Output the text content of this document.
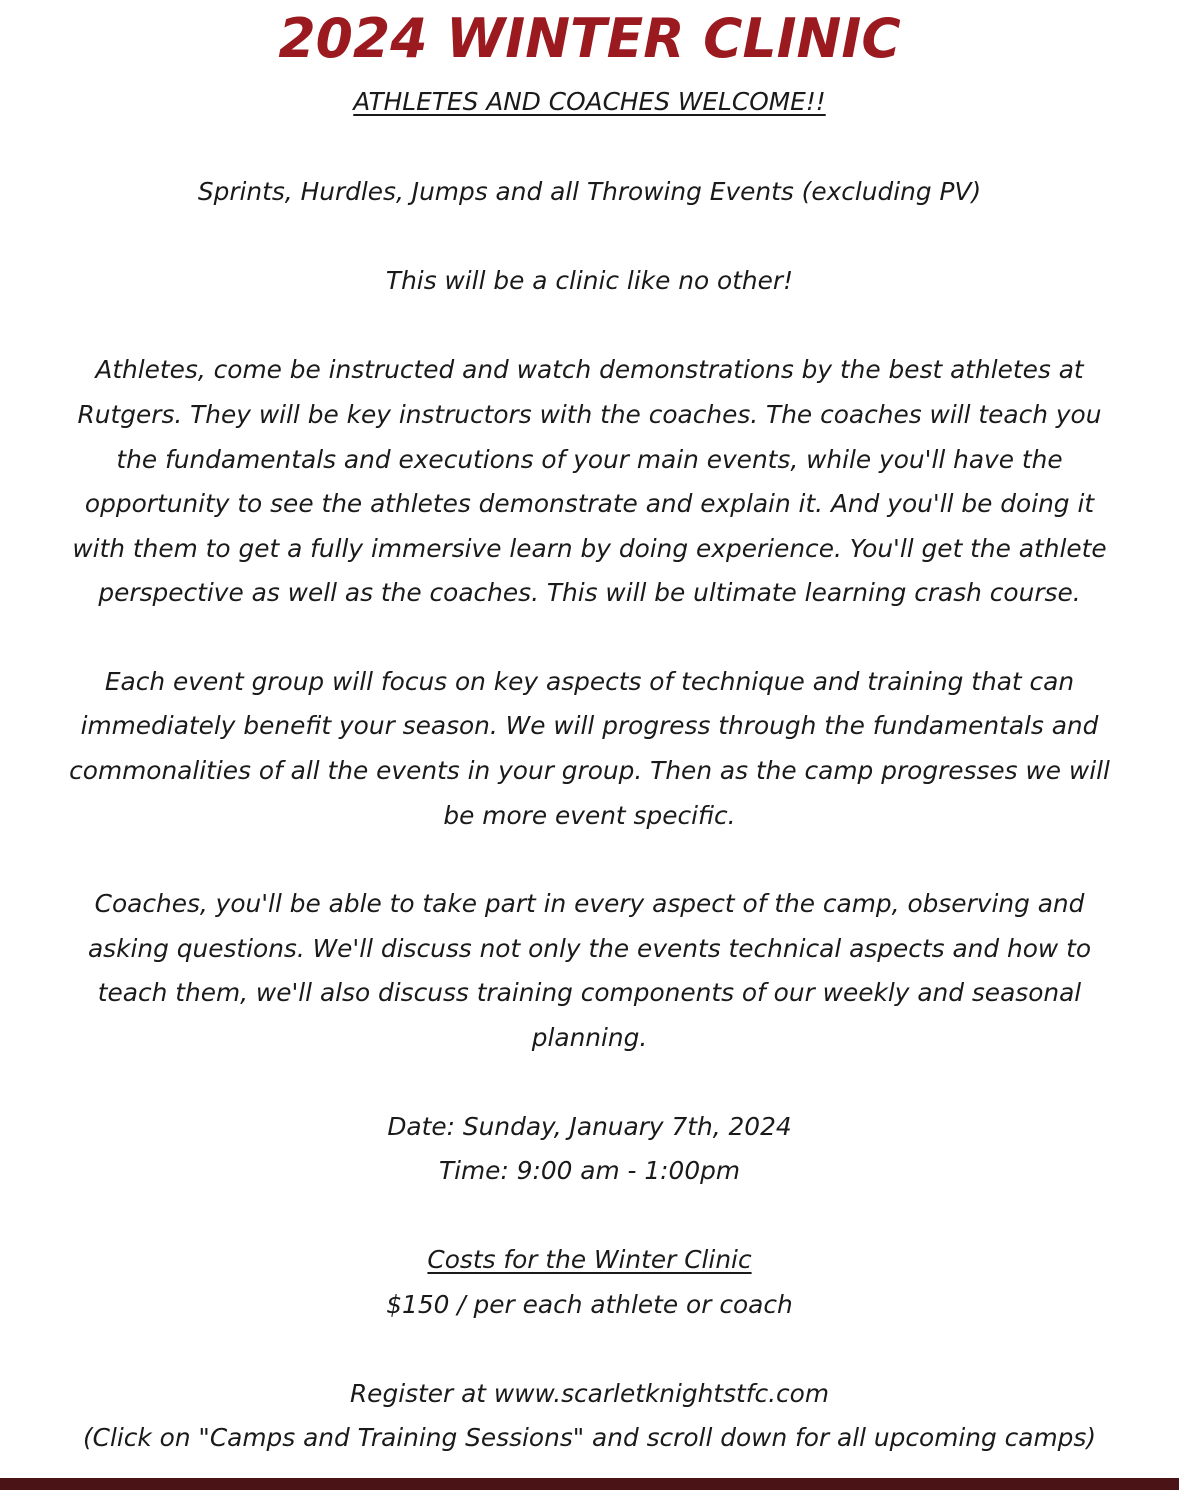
2024 WINTER CLINIC

ATHLETES AND COACHES WELCOME!!

Sprints, Hurdles, Jumps and all Throwing Events (excluding PV)

This will be a clinic like no other!

Athletes, come be instructed and watch demonstrations by the best athletes at

Rutgers. They will be key instructors with the coaches. The coaches will teach you

the fundamentals and executions of your main events, while you'll have the

opportunity to see the athletes demonstrate and explain it. And you'll be doing it

with them to get a fully immersive learn by doing experience. You'll get the athlete

perspective as well as the coaches. This will be ultimate learning crash course.

Each event group will focus on key aspects of technique and training that can

immediately benefit your season. We will progress through the fundamentals and

commonalities of all the events in your group. Then as the camp progresses we will

be more event specific.

Coaches, you'll be able to take part in every aspect of the camp, observing and

asking questions. We'll discuss not only the events technical aspects and how to

teach them, we'll also discuss training components of our weekly and seasonal

planning.

Date: Sunday, January 7th, 2024

Time: 9:00 am - 1:00pm

Costs for the Winter Clinic

$150 / per each athlete or coach

Register at www.scarletknightstfc.com

(Click on "Camps and Training Sessions" and scroll down for all upcoming camps)
